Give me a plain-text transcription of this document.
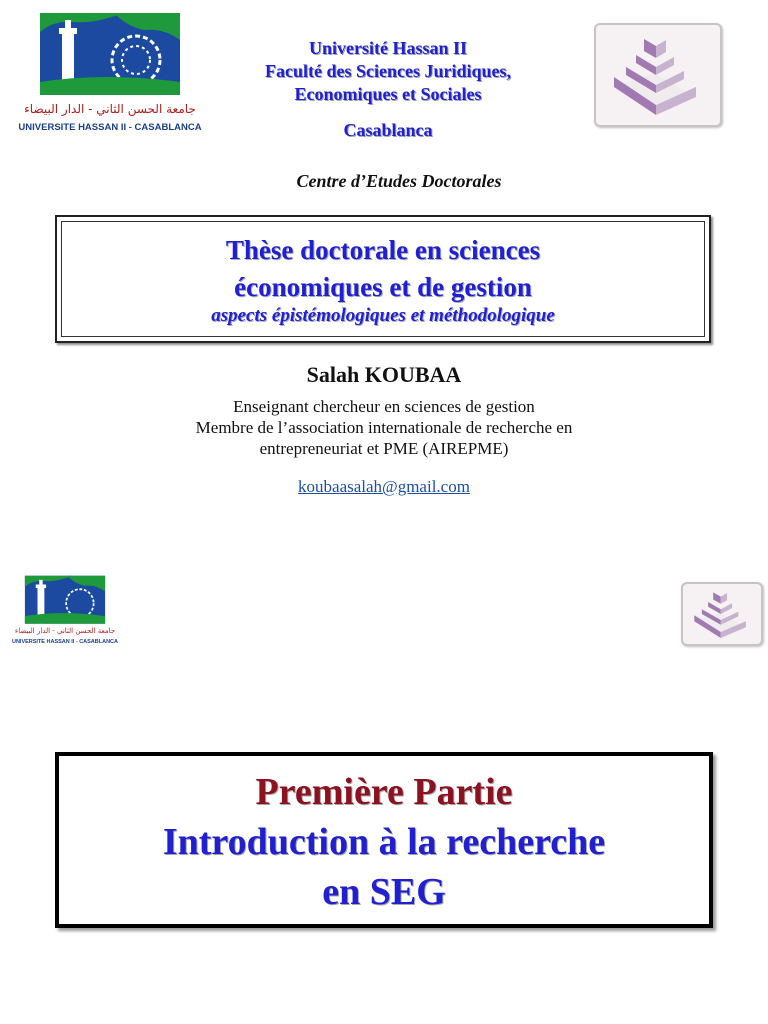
جامعة الحسن الثاني - الدار البيضاء
UNIVERSITE HASSAN II - CASABLANCA
Université Hassan II
Faculté des Sciences Juridiques,
Economiques et Sociales
Casablanca
Centre d’Etudes Doctorales
Thèse doctorale en sciences
économiques et de gestion
aspects épistémologiques et méthodologique
Salah KOUBAA
Enseignant chercheur en sciences de gestion
Membre de l’association internationale de recherche en
entrepreneuriat et PME (AIREPME)
koubaasalah@gmail.com
جامعة الحسن الثاني - الدار البيضاء
UNIVERSITE HASSAN II - CASABLANCA
Première Partie
Introduction à la recherche
en SEG
